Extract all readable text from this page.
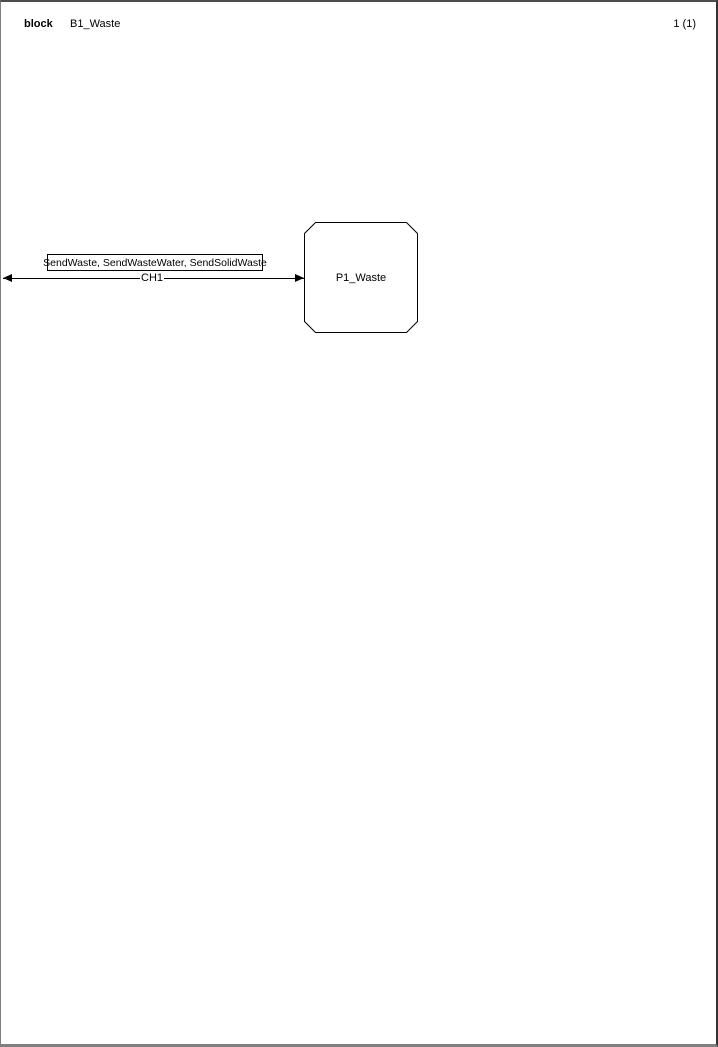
block B1_Waste	1 (1)
SendWaste, SendWasteWater, SendSolidWaste
CH1	P1_Waste
